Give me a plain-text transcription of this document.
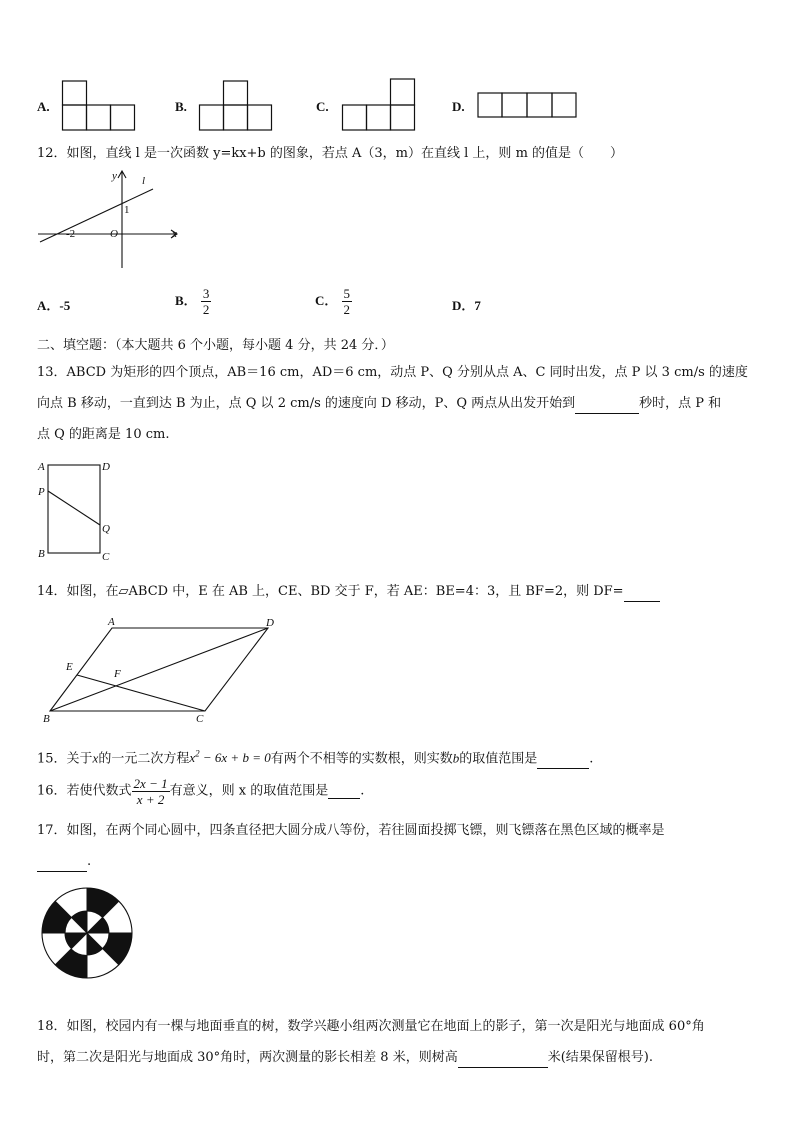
A.	B.	C.	D.
12．如图，直线 l 是一次函数 y=kx+b 的图象，若点 A（3，m）在直线 l 上，则 m 的值是（　　）
y
x
l
O
-2
1
A．-5	B． $\frac{3}{2}$	C． $\frac{5}{2}$	D．7
二、填空题：（本大题共 6 个小题，每小题 4 分，共 24 分．）
13．ABCD 为矩形的四个顶点，AB＝16 cm，AD＝6 cm，动点 P、Q 分别从点 A、C 同时出发，点 P 以 3 cm/s 的速度
向点 B 移动，一直到达 B 为止，点 Q 以 2 cm/s 的速度向 D 移动，P、Q 两点从出发开始到	秒时，点 P 和
点 Q 的距离是 10 cm.
A	D
P
Q
B	C
14．如图，在▱ABCD 中，E 在 AB 上，CE、BD 交于 F，若 AE：BE=4：3，且 BF=2，则 DF=
A	D
E
F
B	C
15．关于x的一元二次方程$x^2 - 6x + b = 0$有两个不相等的实数根，则实数b的取值范围是	.
16．若使代数式 $\frac{2x - 1}{x + 2}$ 有意义，则 x 的取值范围是 .
17．如图，在两个同心圆中，四条直径把大圆分成八等份，若往圆面投掷飞镖，则飞镖落在黑色区域的概率是
.
18．如图，校园内有一棵与地面垂直的树，数学兴趣小组两次测量它在地面上的影子，第一次是阳光与地面成 60°角
时，第二次是阳光与地面成 30°角时，两次测量的影长相差 8 米，则树高	米(结果保留根号).
